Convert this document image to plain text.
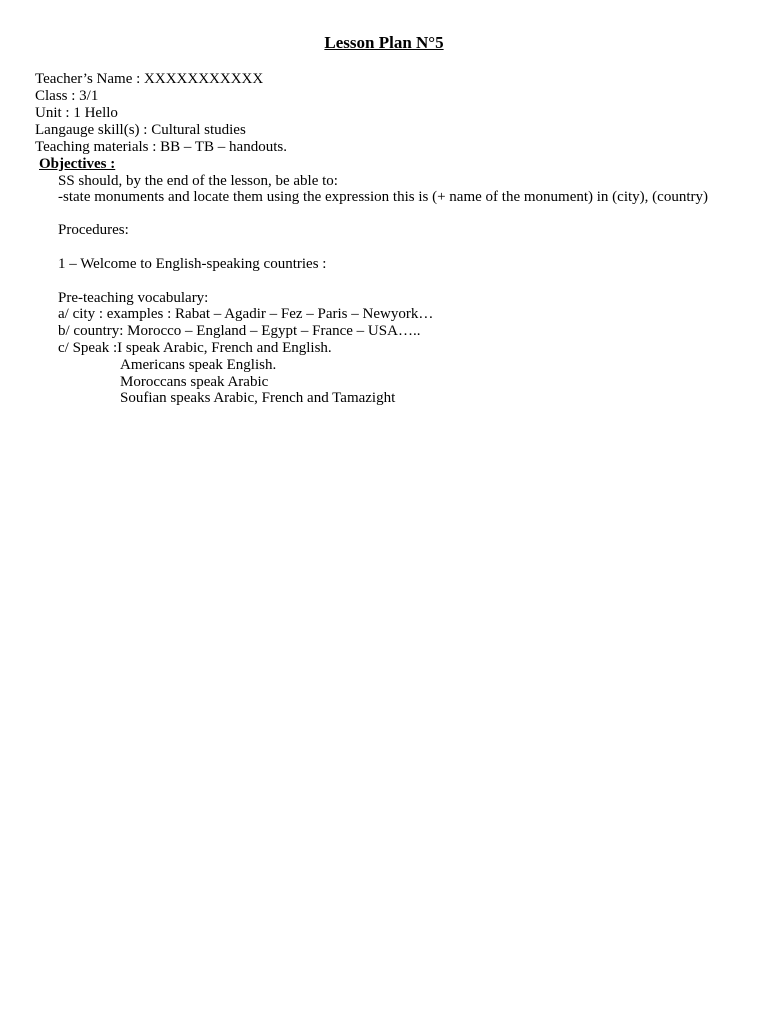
Lesson Plan N°5

Teacher’s Name : XXXXXXXXXXX

Class : 3/1

Unit : 1 Hello

Langauge skill(s) : Cultural studies

Teaching materials : BB – TB – handouts.

Objectives :

SS should, by the end of the lesson, be able to:

-state monuments and locate them using the expression this is (+ name of the monument) in (city), (country)

Procedures:

1 – Welcome to English-speaking countries :

Pre-teaching vocabulary:

a/ city : examples : Rabat – Agadir – Fez – Paris – Newyork…

b/ country: Morocco – England – Egypt – France – USA…..

c/ Speak :I speak Arabic, French and English.

Americans speak English.

Moroccans speak Arabic

Soufian speaks Arabic, French and Tamazight
